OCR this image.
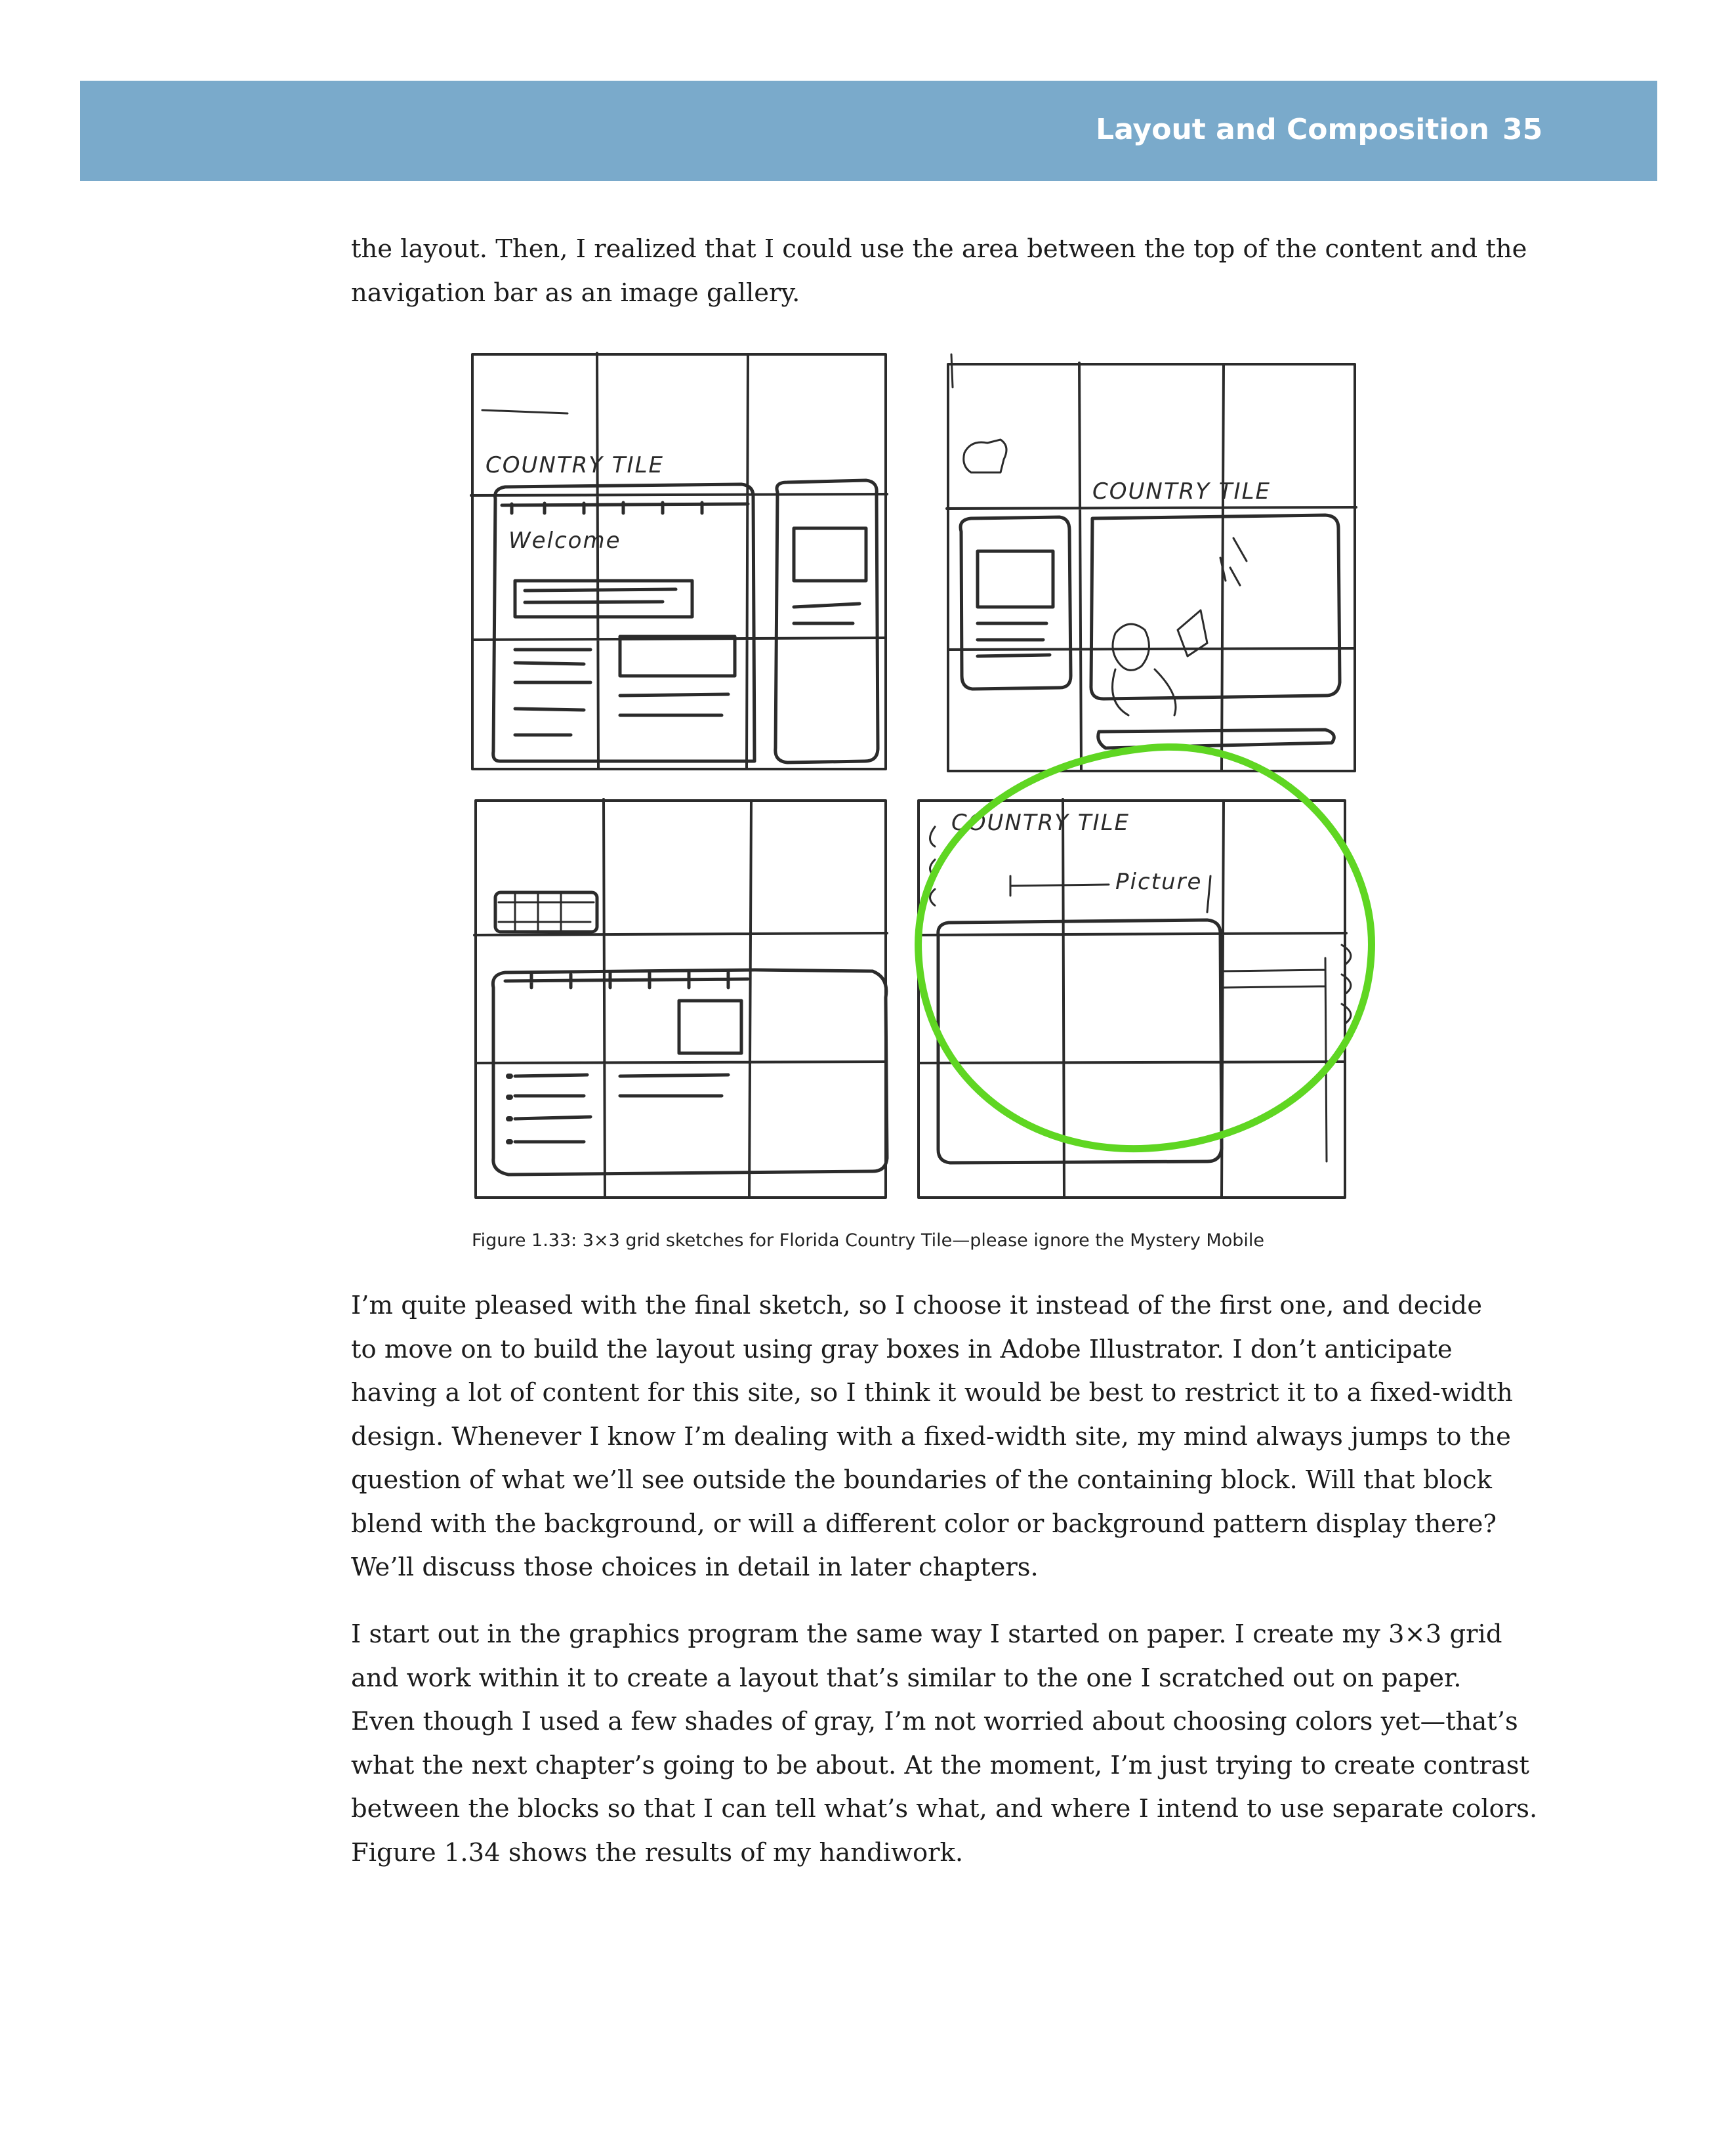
Layout and Composition 35

the layout. Then, I realized that I could use the area between the top of the content and the
navigation bar as an image gallery.

COUNTRY TILE
Welcome
COUNTRY TILE
COUNTRY TILE
Picture
Figure 1.33: 3×3 grid sketches for Florida Country Tile—please ignore the Mystery Mobile

I’m quite pleased with the final sketch, so I choose it instead of the first one, and decide
to move on to build the layout using gray boxes in Adobe Illustrator. I don’t anticipate
having a lot of content for this site, so I think it would be best to restrict it to a fixed-width
design. Whenever I know I’m dealing with a fixed-width site, my mind always jumps to the
question of what we’ll see outside the boundaries of the containing block. Will that block
blend with the background, or will a different color or background pattern display there?
We’ll discuss those choices in detail in later chapters.

I start out in the graphics program the same way I started on paper. I create my 3×3 grid
and work within it to create a layout that’s similar to the one I scratched out on paper.
Even though I used a few shades of gray, I’m not worried about choosing colors yet—that’s
what the next chapter’s going to be about. At the moment, I’m just trying to create contrast
between the blocks so that I can tell what’s what, and where I intend to use separate colors.
Figure 1.34 shows the results of my handiwork.
